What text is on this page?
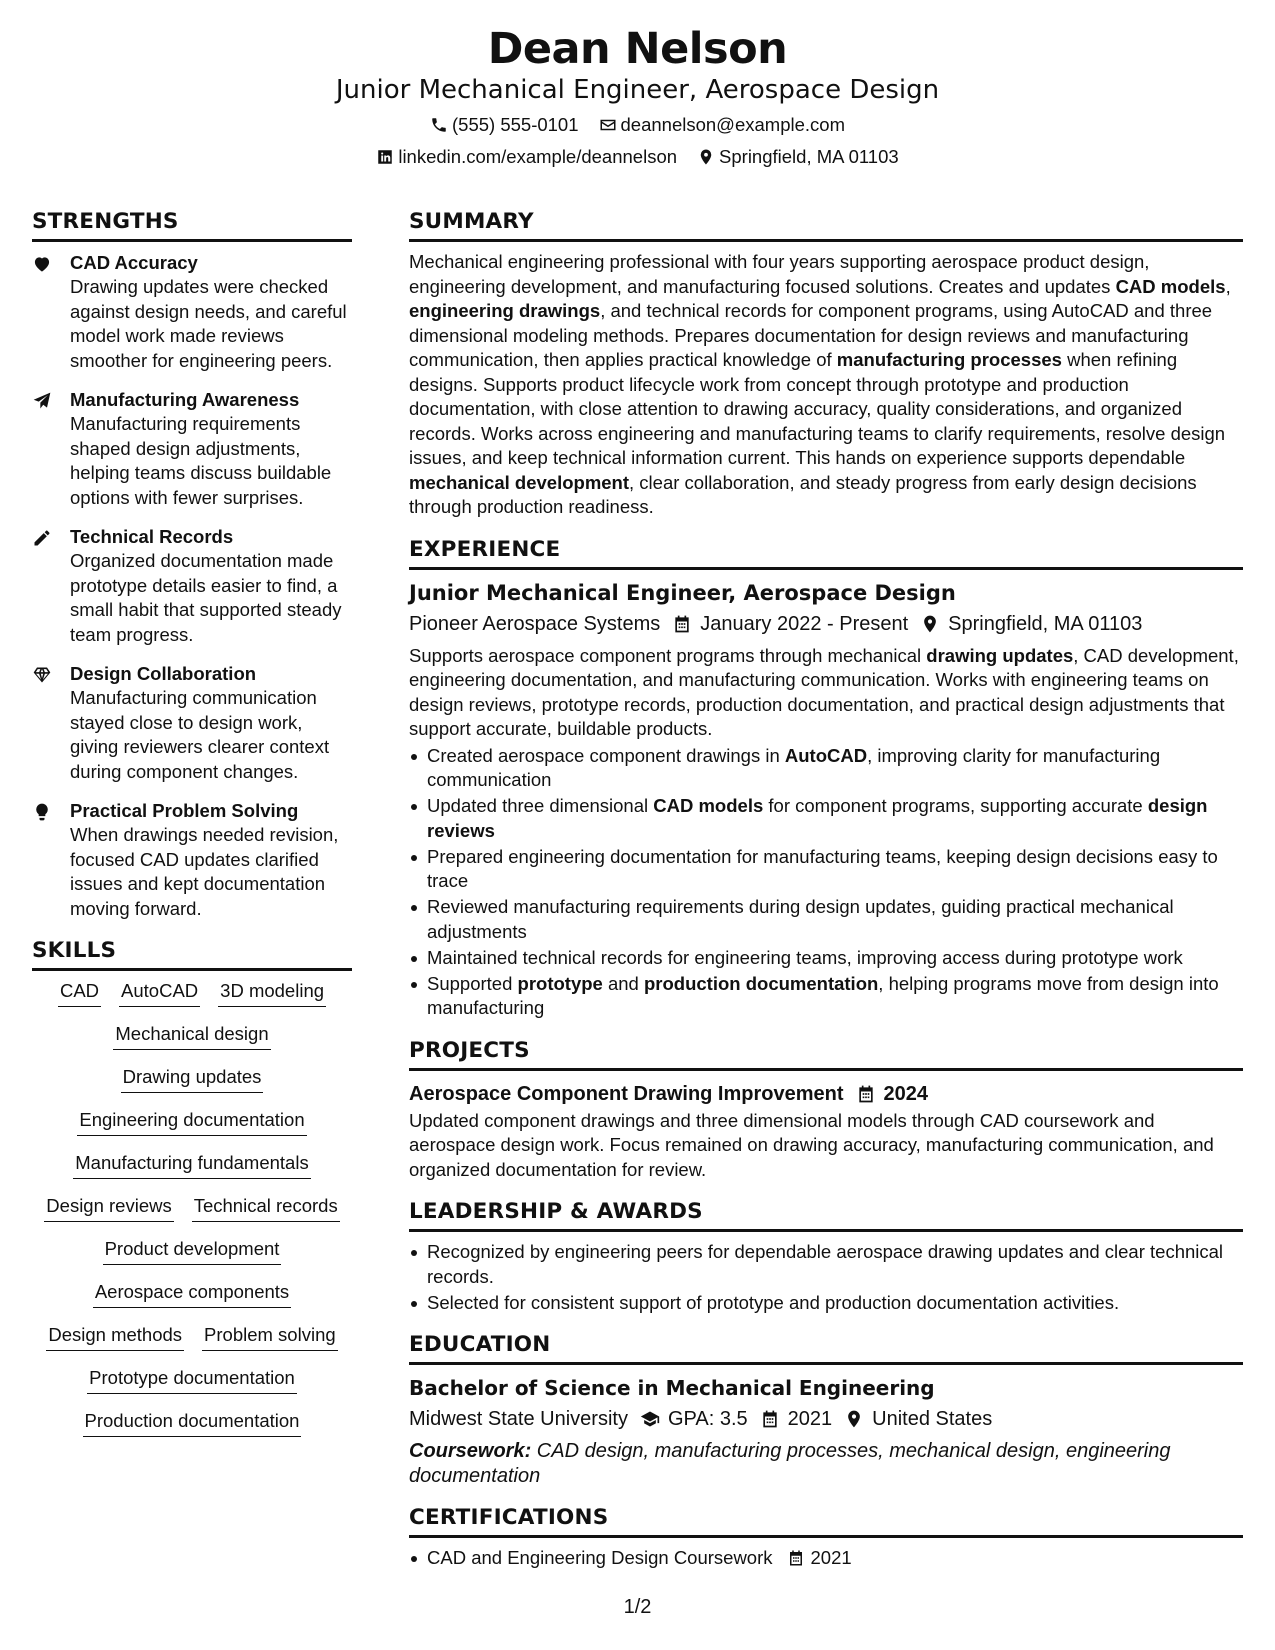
Dean Nelson
Junior Mechanical Engineer, Aerospace Design
(555) 555-0101 deannelson@example.com
linkedin.com/example/deannelson Springfield, MA 01103
STRENGTHS
CAD Accuracy
Drawing updates were checked against design needs, and careful model work made reviews smoother for engineering peers.
Manufacturing Awareness
Manufacturing requirements shaped design adjustments, helping teams discuss buildable options with fewer surprises.
Technical Records
Organized documentation made prototype details easier to find, a small habit that supported steady team progress.
Design Collaboration
Manufacturing communication stayed close to design work, giving reviewers clearer context during component changes.
Practical Problem Solving
When drawings needed revision, focused CAD updates clarified issues and kept documentation moving forward.
SKILLS
CAD AutoCAD 3D modeling
Mechanical design
Drawing updates
Engineering documentation
Manufacturing fundamentals
Design reviews Technical records
Product development
Aerospace components
Design methods Problem solving
Prototype documentation
Production documentation
SUMMARY
Mechanical engineering professional with four years supporting aerospace product design, engineering development, and manufacturing focused solutions. Creates and updates CAD models, engineering drawings, and technical records for component programs, using AutoCAD and three dimensional modeling methods. Prepares documentation for design reviews and manufacturing communication, then applies practical knowledge of manufacturing processes when refining designs. Supports product lifecycle work from concept through prototype and production documentation, with close attention to drawing accuracy, quality considerations, and organized records. Works across engineering and manufacturing teams to clarify requirements, resolve design issues, and keep technical information current. This hands on experience supports dependable mechanical development, clear collaboration, and steady progress from early design decisions through production readiness.
EXPERIENCE
Junior Mechanical Engineer, Aerospace Design
Pioneer Aerospace Systems January 2022 - Present Springfield, MA 01103
Supports aerospace component programs through mechanical drawing updates, CAD development, engineering documentation, and manufacturing communication. Works with engineering teams on design reviews, prototype records, production documentation, and practical design adjustments that support accurate, buildable products.
Created aerospace component drawings in AutoCAD, improving clarity for manufacturing communication
Updated three dimensional CAD models for component programs, supporting accurate design reviews
Prepared engineering documentation for manufacturing teams, keeping design decisions easy to trace
Reviewed manufacturing requirements during design updates, guiding practical mechanical adjustments
Maintained technical records for engineering teams, improving access during prototype work
Supported prototype and production documentation, helping programs move from design into manufacturing
PROJECTS
Aerospace Component Drawing Improvement 2024
Updated component drawings and three dimensional models through CAD coursework and aerospace design work. Focus remained on drawing accuracy, manufacturing communication, and organized documentation for review.
LEADERSHIP & AWARDS
Recognized by engineering peers for dependable aerospace drawing updates and clear technical records.
Selected for consistent support of prototype and production documentation activities.
EDUCATION
Bachelor of Science in Mechanical Engineering
Midwest State University GPA: 3.5 2021 United States
Coursework: CAD design, manufacturing processes, mechanical design, engineering documentation
CERTIFICATIONS
CAD and Engineering Design Coursework 2021
1/2
